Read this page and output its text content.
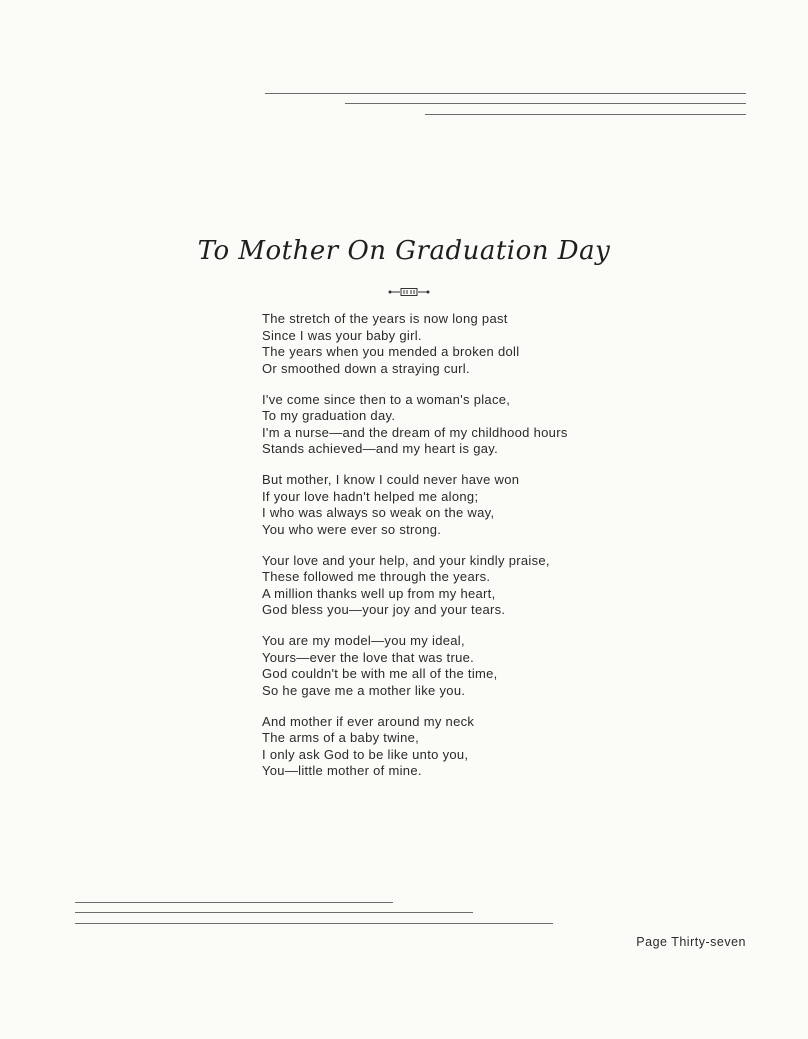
To Mother On Graduation Day
The stretch of the years is now long past
Since I was your baby girl.
The years when you mended a broken doll
Or smoothed down a straying curl.
I've come since then to a woman's place,
To my graduation day.
I'm a nurse—and the dream of my childhood hours
Stands achieved—and my heart is gay.
But mother, I know I could never have won
If your love hadn't helped me along;
I who was always so weak on the way,
You who were ever so strong.
Your love and your help, and your kindly praise,
These followed me through the years.
A million thanks well up from my heart,
God bless you—your joy and your tears.
You are my model—you my ideal,
Yours—ever the love that was true.
God couldn't be with me all of the time,
So he gave me a mother like you.
And mother if ever around my neck
The arms of a baby twine,
I only ask God to be like unto you,
You—little mother of mine.
Page Thirty-seven
